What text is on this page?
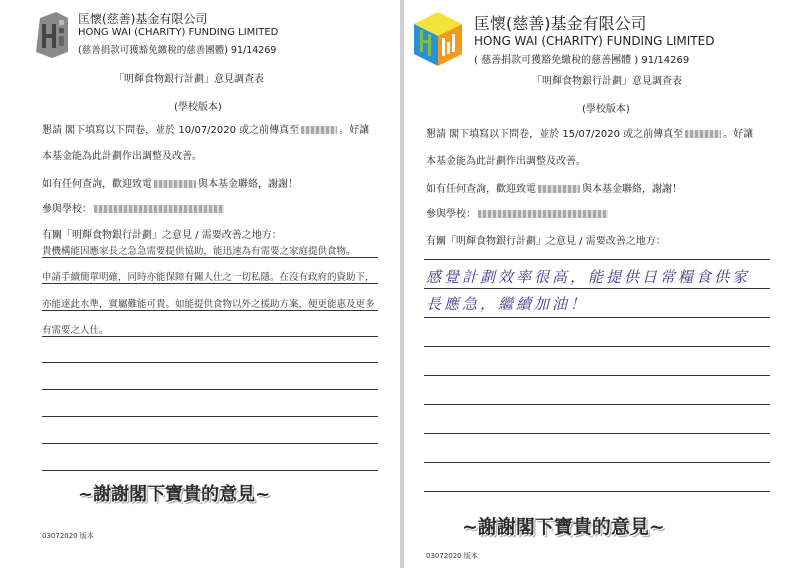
匡懷(慈善)基金有限公司
HONG WAI (CHARITY) FUNDING LIMITED
(慈善捐款可獲豁免繳稅的慈善團體) 91/14269
「明輝食物銀行計劃」意見調查表
(學校版本)
懇請 閣下填寫以下問卷，並於 10/07/2020 或之前傳真至	。好讓
本基金能為此計劃作出調整及改善。
如有任何查詢，歡迎致電	與本基金聯絡，謝謝！
參與學校：
有關「明輝食物銀行計劃」之意見 / 需要改善之地方：
貴機構能因應家長之急急需要提供協助，能迅速為有需要之家庭提供食物。
申請手續簡單明確，同時亦能保障有關人仕之一切私隱。在沒有政府的資助下，
亦能達此水準，實屬難能可貴。如能提供食物以外之援助方案，便更能惠及更多
有需要之人仕。
~謝謝閣下寶貴的意見~
03072020 版本
匡懷(慈善)基金有限公司
HONG WAI (CHARITY) FUNDING LIMITED
( 慈善捐款可獲豁免繳稅的慈善團體 ) 91/14269
「明輝食物銀行計劃」意見調查表
(學校版本)
懇請 閣下填寫以下問卷，並於 15/07/2020 或之前傳真至	。好讓
本基金能為此計劃作出調整及改善。
如有任何查詢，歡迎致電	與本基金聯絡，謝謝！
參與學校：
有關「明輝食物銀行計劃」之意見 / 需要改善之地方：
感覺計劃效率很高，能提供日常糧食供家
長應急，繼續加油！
~謝謝閣下寶貴的意見~
03072020 版本
